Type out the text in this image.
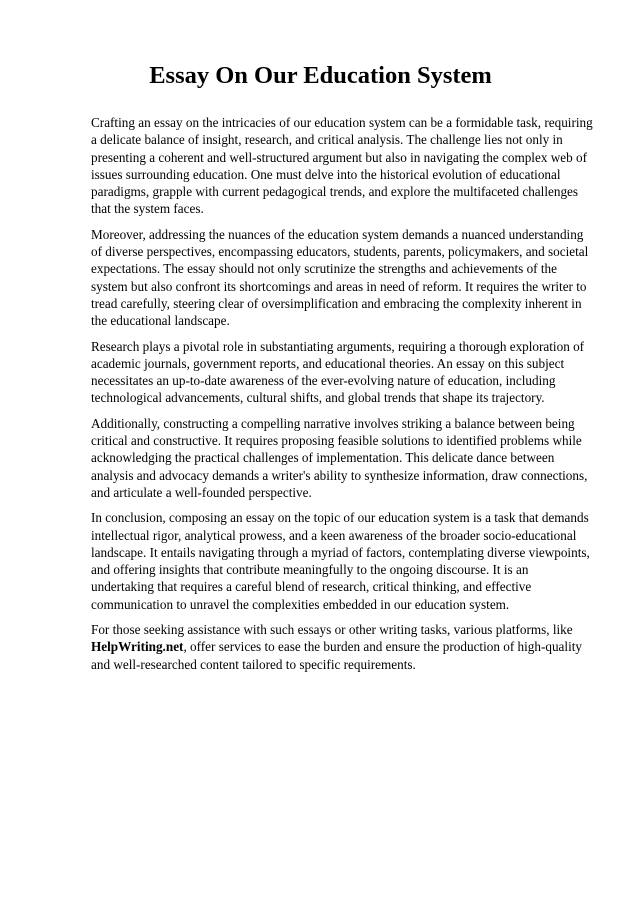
Essay On Our Education System

Crafting an essay on the intricacies of our education system can be a formidable task, requiring a delicate balance of insight, research, and critical analysis. The challenge lies not only in presenting a coherent and well-structured argument but also in navigating the complex web of issues surrounding education. One must delve into the historical evolution of educational paradigms, grapple with current pedagogical trends, and explore the multifaceted challenges that the system faces.

Moreover, addressing the nuances of the education system demands a nuanced understanding of diverse perspectives, encompassing educators, students, parents, policymakers, and societal expectations. The essay should not only scrutinize the strengths and achievements of the system but also confront its shortcomings and areas in need of reform. It requires the writer to tread carefully, steering clear of oversimplification and embracing the complexity inherent in the educational landscape.

Research plays a pivotal role in substantiating arguments, requiring a thorough exploration of academic journals, government reports, and educational theories. An essay on this subject necessitates an up-to-date awareness of the ever-evolving nature of education, including technological advancements, cultural shifts, and global trends that shape its trajectory.

Additionally, constructing a compelling narrative involves striking a balance between being critical and constructive. It requires proposing feasible solutions to identified problems while acknowledging the practical challenges of implementation. This delicate dance between analysis and advocacy demands a writer's ability to synthesize information, draw connections, and articulate a well-founded perspective.

In conclusion, composing an essay on the topic of our education system is a task that demands intellectual rigor, analytical prowess, and a keen awareness of the broader socio-educational landscape. It entails navigating through a myriad of factors, contemplating diverse viewpoints, and offering insights that contribute meaningfully to the ongoing discourse. It is an undertaking that requires a careful blend of research, critical thinking, and effective communication to unravel the complexities embedded in our education system.

For those seeking assistance with such essays or other writing tasks, various platforms, like
HelpWriting.net, offer services to ease the burden and ensure the production of high-quality and well-researched content tailored to specific requirements.
